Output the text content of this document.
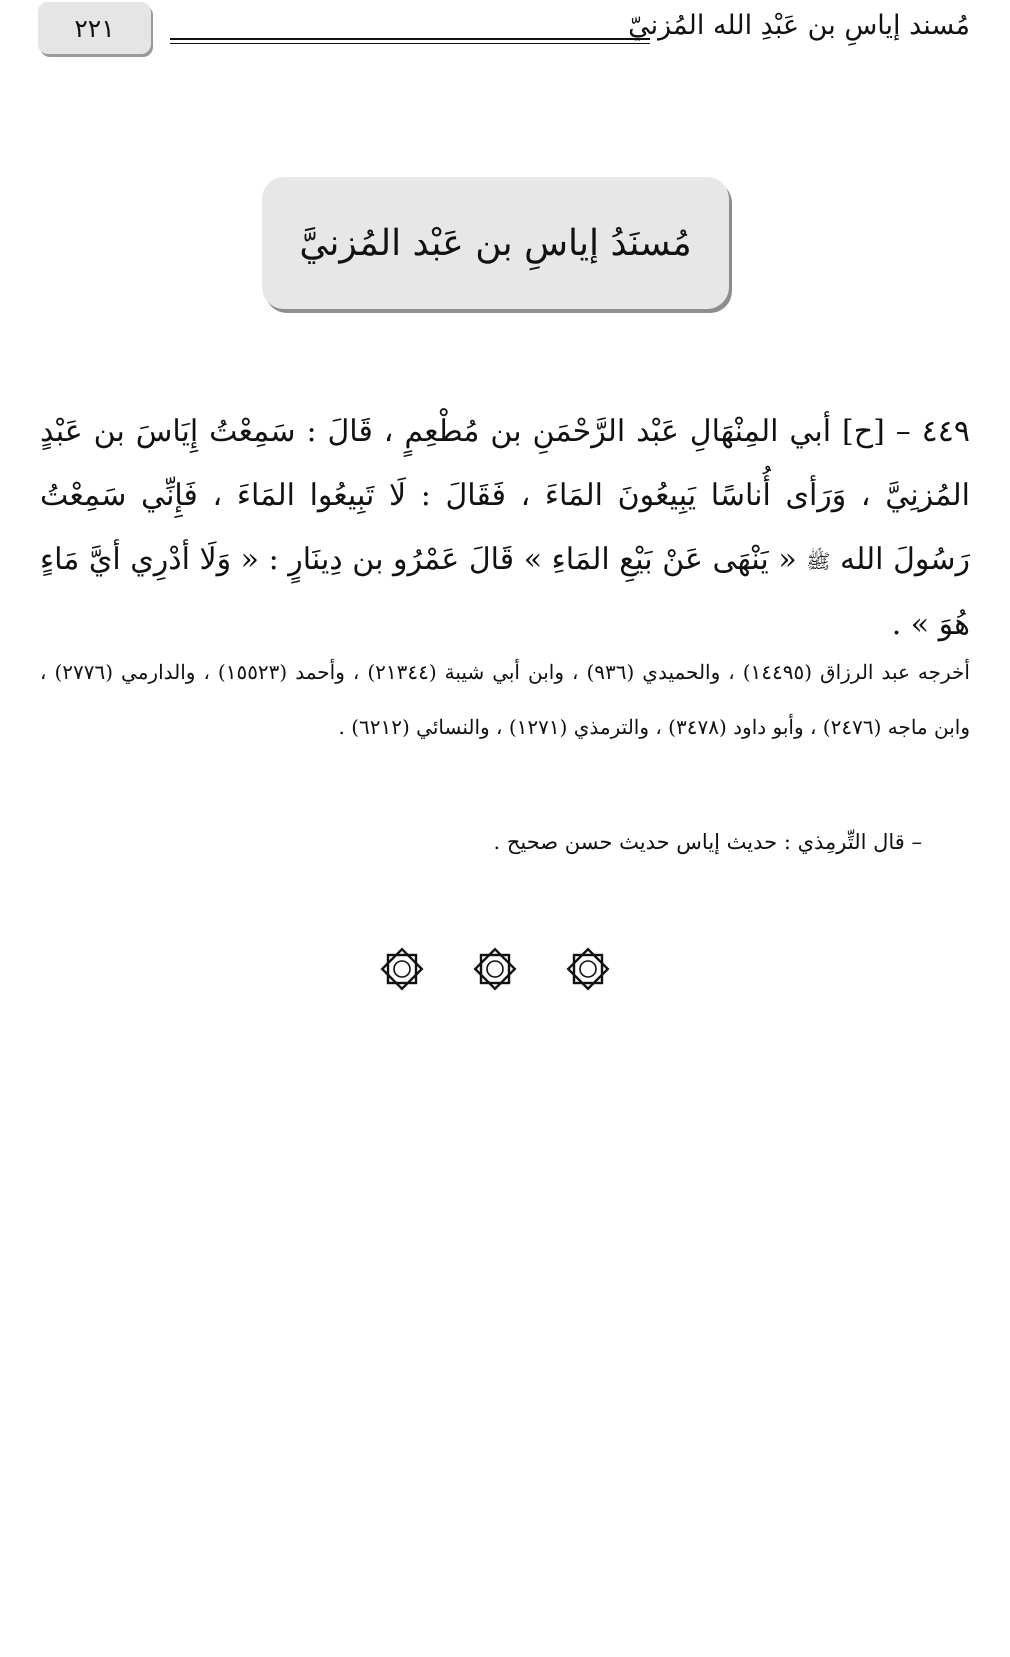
٢٢١	مُسند إياسِ بن عَبْدِ الله المُزنيّ
مُسنَدُ إياسِ بن عَبْد المُزنيَّ

٤٤٩ – [ح] أبي المِنْهَالِ عَبْد الرَّحْمَنِ بن مُطْعِمٍ ، قَالَ : سَمِعْتُ إِيَاسَ بن عَبْدٍ المُزنِيَّ ، وَرَأى أُناسًا يَبِيعُونَ المَاءَ ، فَقَالَ : لَا تَبِيعُوا المَاءَ ، فَإِنِّي سَمِعْتُ رَسُولَ الله ﷺ « يَنْهَى عَنْ بَيْعِ المَاءِ » قَالَ عَمْرُو بن دِينَارٍ : « وَلَا أدْرِي أيَّ مَاءٍ هُوَ » .

أخرجه عبد الرزاق (١٤٤٩٥) ، والحميدي (٩٣٦) ، وابن أبي شيبة (٢١٣٤٤) ، وأحمد (١٥٥٢٣) ، والدارمي (٢٧٧٦) ، وابن ماجه (٢٤٧٦) ، وأبو داود (٣٤٧٨) ، والترمذي (١٢٧١) ، والنسائي (٦٢١٢) .

– قال التِّرمِذي : حديث إياس حديث حسن صحيح .
